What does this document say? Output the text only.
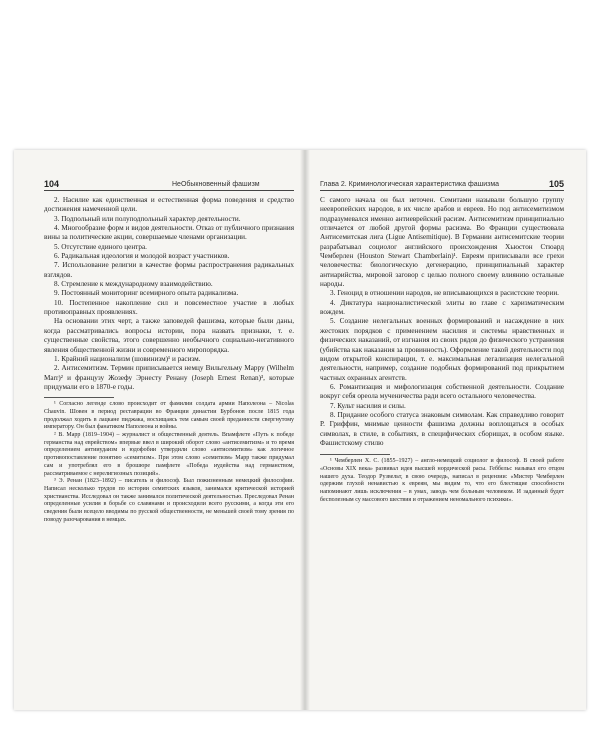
104	НеОбыкновенный фашизм

2. Насилие как единственная и естественная форма поведения и средство достижения намеченной цели.

3. Подпольный или полуподпольный характер деятельности.

4. Многообразие форм и видов деятельности. Отказ от публичного признания вины за политические акции, совершаемые членами организации.

5. Отсутствие единого центра.

6. Радикальная идеология и молодой возраст участников.

7. Использование религии в качестве формы распространения радикальных взглядов.

8. Стремление к международному взаимодействию.

9. Постоянный мониторинг всемирного опыта радикализма.

10. Постепенное накопление сил и повсеместное участие в любых противоправных проявлениях.

На основании этих черт, а также заповедей фашизма, которые были даны, когда рассматривались вопросы истории, пора назвать признаки, т. е. существенные свойства, этого совершенно необычного социально-негативного явления общественной жизни и современного миропорядка.

1. Крайний национализм (шовинизм)¹ и расизм.

2. Антисемитизм. Термин приписывается немцу Вильгельму Марру (Wilhelm Marr)² и французу Жозефу Эрнесту Ренану (Joseph Ernest Renan)³, которые придумали его в 1870-е годы.

¹ Согласно легенде слово происходит от фамилии солдата армии Наполеона – Nicolas Chauvin. Шовен в период реставрации во Франции династии Бурбонов после 1815 года продолжал ходить в лацкане пиджака, восхищаясь тем самым своей преданности свергнутому императору. Он был фанатиком Наполеона и войны.

² В. Марр (1819–1904) – журналист и общественный деятель. Впамфлете «Путь к победе германства над еврейством» впервые ввел в широкий оборот слово «антисемитизм» и то время определением антииудаизм и юдофобии утвердили слово «антисемитизм» как логичное противопоставление понятию «семитизм». При этом слово «семитизм» Марр также придумал сам и употреблял его в брошюре памфлете «Победа иудейства над германством, рассматриваемое с нерелигиозных позиций».

³ Э. Ренан (1823–1892) – писатель и философ. Был пожизненным немецкий философии. Написал несколько трудов по истории семитских языков, занимался критической историей христианства. Исследовал он также занимался политической деятельностью. Преследовал Ренан определенные усилия в борьбе со славянами и происходили всего русскими, а когда эти его сведения были всецело вводимы по русской общественности, не меньшей своей тому зрения по поводу разочарования в немцах.

Глава 2. Криминологическая характеристика фашизма	105

С самого начала он был неточен. Семитами называли большую группу неевропейских народов, в их числе арабов и евреев. Но под антисемитизмом подразумевался именно антиеврейский расизм. Антисемитизм принципиально отличается от любой другой формы расизма. Во Франции существовала Антисемитская лига (Ligue Antisemitique). В Германии антисемитские теории разрабатывал социолог английского происхождения Хьюстон Стюард Чемберлен (Houston Stewart Chamberlain)¹. Евреям приписывали все грехи человечества: биологическую дегенерацию, принципиальный характер антиарийства, мировой заговор с целью полного своему влиянию остальные народы.

3. Геноцид в отношении народов, не вписывающихся в расистские теории.

4. Диктатура националистической элиты во главе с харизматическим вождем.

5. Создание нелегальных военных формирований и насаждение в них жестоких порядков с применением насилия и системы нравственных и физических наказаний, от изгнания из своих рядов до физического устранения (убийства как наказания за провинность). Оформление такой деятельности под видом открытой конспирации, т. е. максимальная легализация нелегальной деятельности, например, создание подобных формирований под прикрытием частных охранных агентств.

6. Романтизация и мифологизация собственной деятельности. Создание вокруг себя ореола мученичества ради всего остального человечества.

7. Культ насилия и силы.

8. Придание особого статуса знаковым символам. Как справедливо говорит Р. Гриффин, мнимые ценности фашизма должны воплощаться в особых символах, в стиле, в событиях, в специфических сборищах, в особом языке. Фашистскому стилю

¹ Чемберлен Х. С. (1855–1927) – англо-немецкий социолог и философ. В своей работе «Основы XIX века» развивал идея высшей нордической расы. Геббельс называл его отцом нашего духа. Теодор Рузвельт, в свою очередь, написал в рецензии: «Мистер Чемберлен одержим глухой ненавистью к евреям, мы видим то, что его блестящие способности напоминают лишь исключения – в умах, заводь чем больным человеком. И заданный будет бесполезным су массового шествия и отражением неномального психики».
